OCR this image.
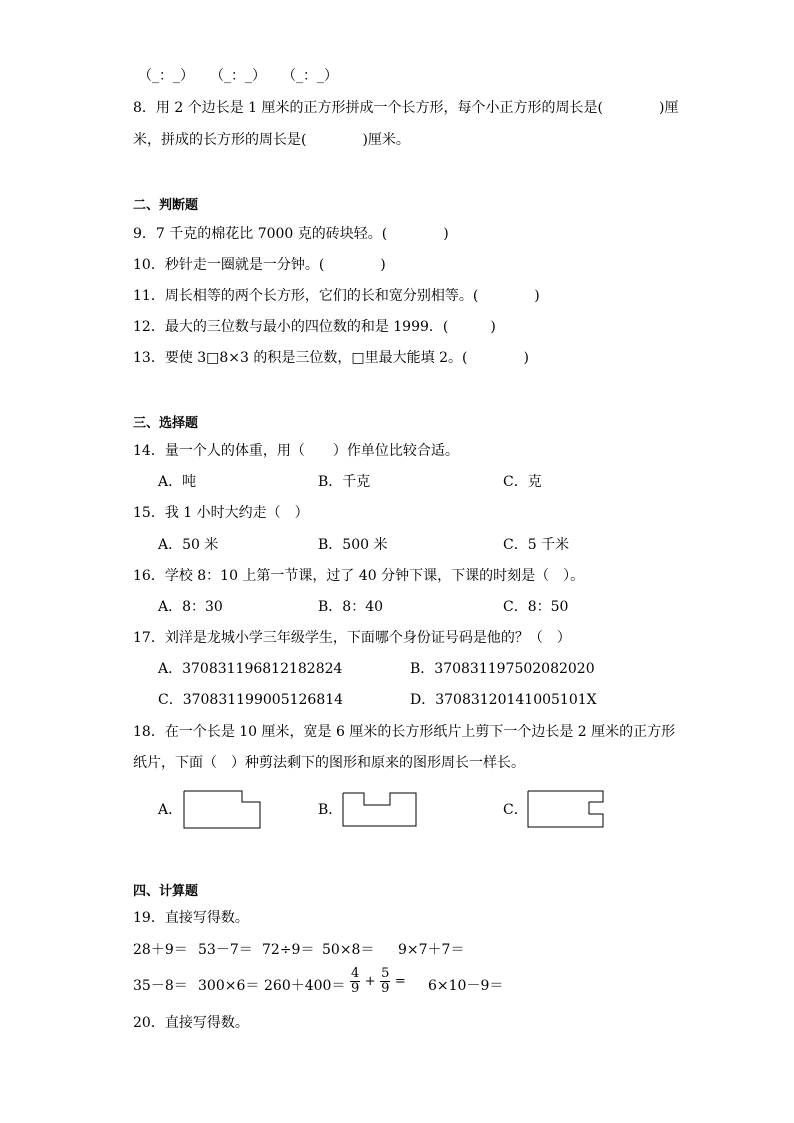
（_：_） （_：_） （_：_）
8．用 2 个边长是 1 厘米的正方形拼成一个长方形，每个小正方形的周长是(　　　　)厘
米，拼成的长方形的周长是(　　　　)厘米。
二、判断题
9．7 千克的棉花比 7000 克的砖块轻。(　　　　)
10．秒针走一圈就是一分钟。(　　　　)
11．周长相等的两个长方形，它们的长和宽分别相等。(　　　　)
12．最大的三位数与最小的四位数的和是 1999．(　　　)
13．要使 3□8×3 的积是三位数，□里最大能填 2。(　　　　)
三、选择题
14．量一个人的体重，用（　　）作单位比较合适。
A．吨	B．千克	C．克
15．我 1 小时大约走（　）
A．50 米	B．500 米	C．5 千米
16．学校 8：10 上第一节课，过了 40 分钟下课，下课的时刻是（　）。
A．8：30	B．8：40	C．8：50
17．刘洋是龙城小学三年级学生，下面哪个身份证号码是他的？（　）
A．370831196812182824	B．370831197502082020
C．370831199005126814	D．37083120141005101X
18．在一个长是 10 厘米，宽是 6 厘米的长方形纸片上剪下一个边长是 2 厘米的正方形
纸片，下面（　）种剪法剩下的图形和原来的图形周长一样长。
A．	B．	C．
四、计算题
19．直接写得数。
28＋9＝ 53－7＝ 72÷9＝ 50×8＝ 9×7＋7＝
$35-8= 300\times 6= 260+400= \frac{4}{9} + \frac{5}{9} = 6\times 10-9=$
20．直接写得数。
